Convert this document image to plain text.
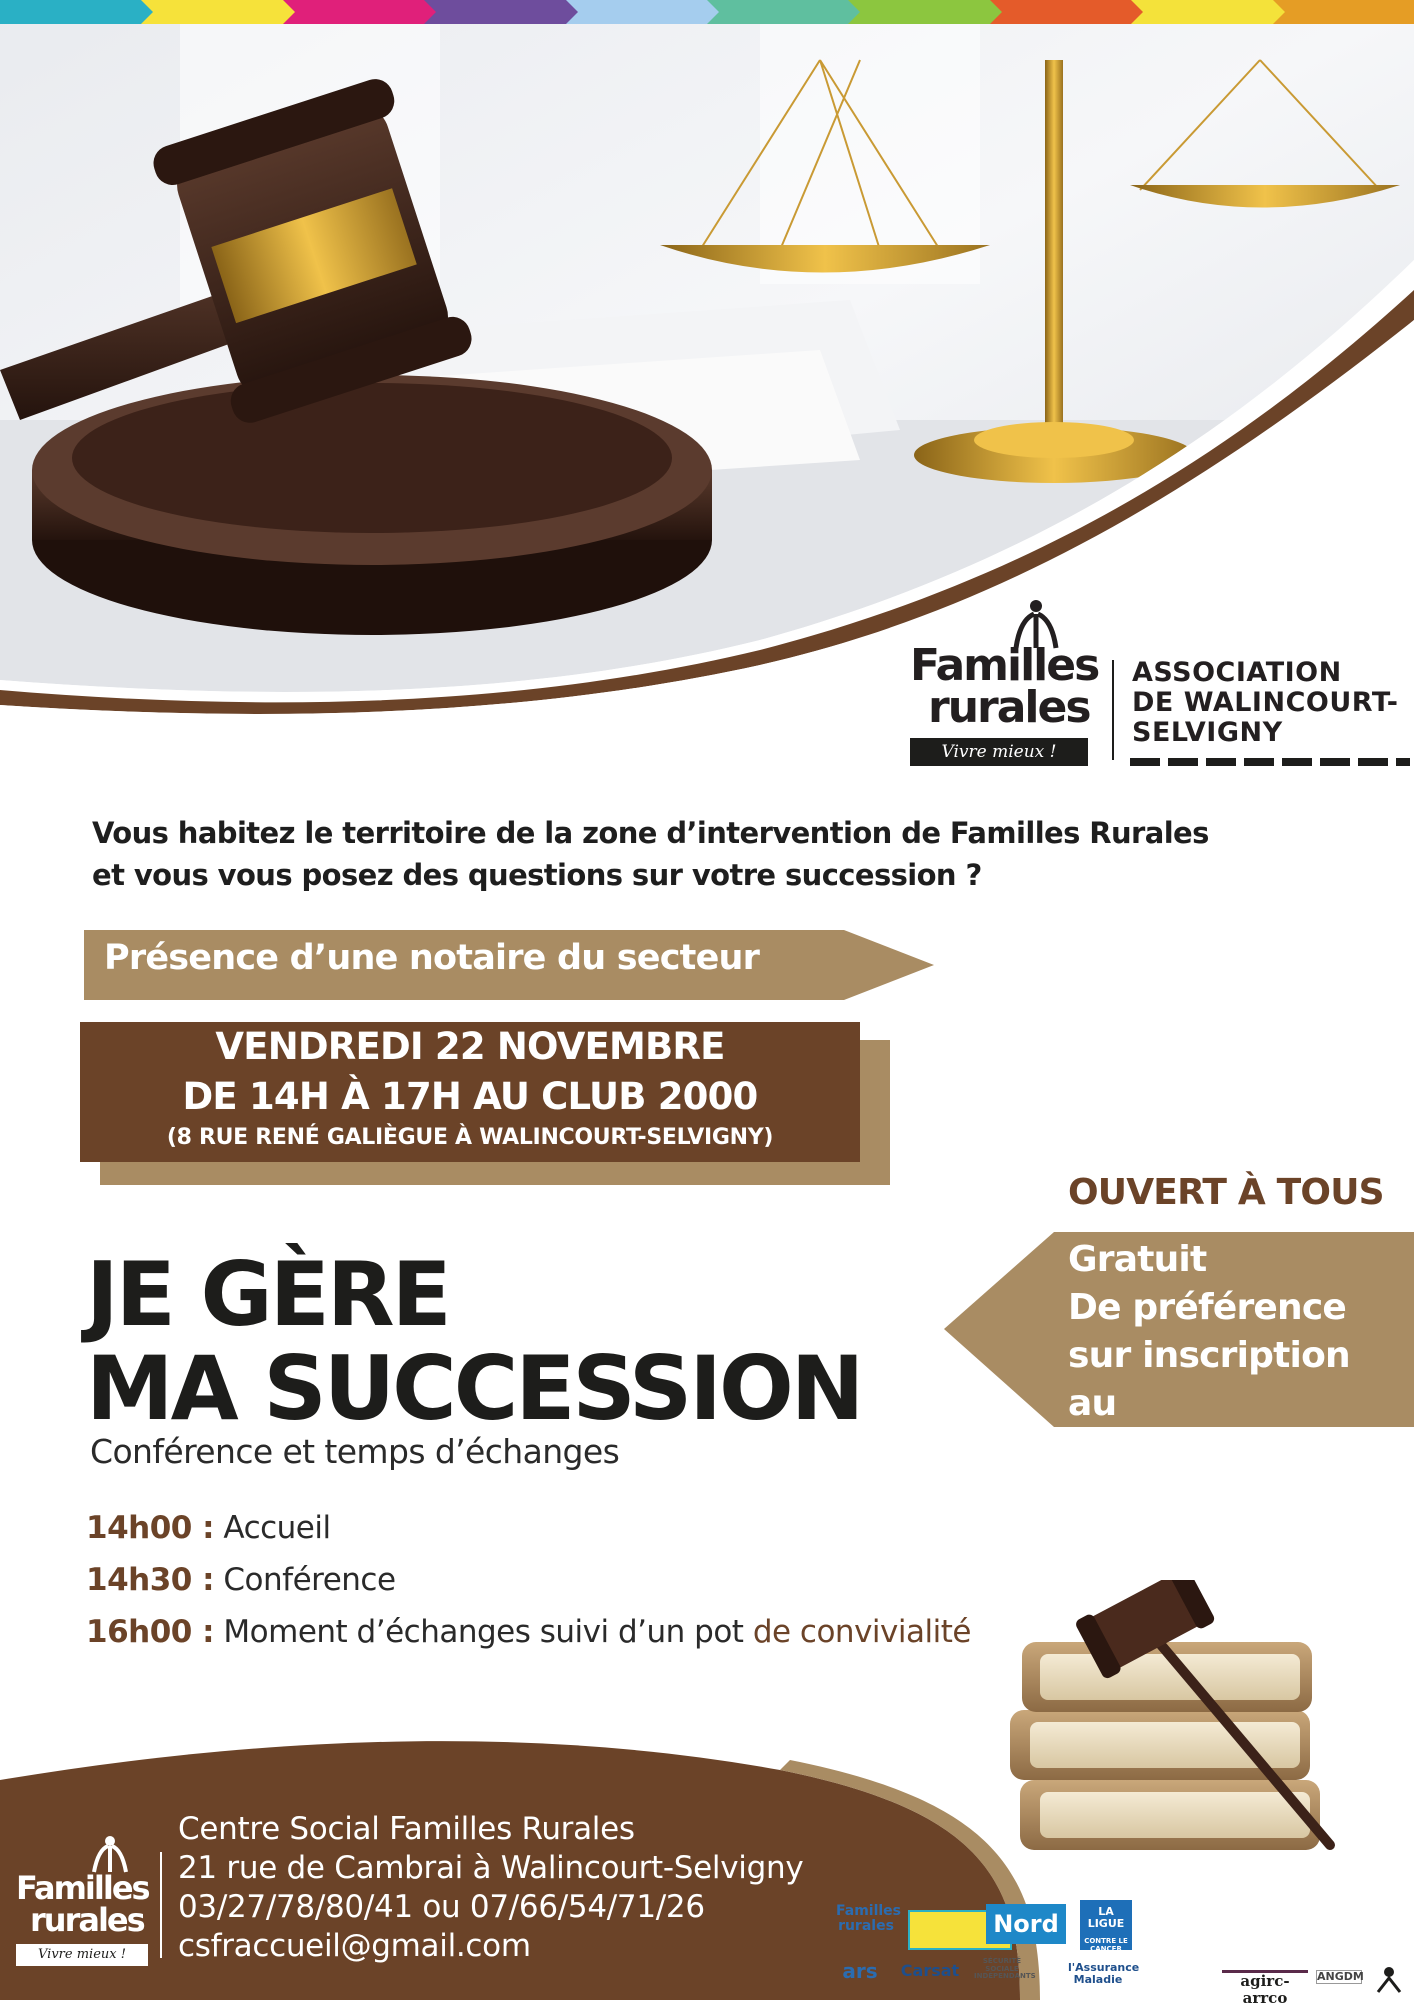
Familles
rurales
Vivre mieux !
ASSOCIATION
DE WALINCOURT-
SELVIGNY
Vous habitez le territoire de la zone d’intervention de Familles Rurales
et vous vous posez des questions sur votre succession ?
Présence d’une notaire du secteur
VENDREDI 22 NOVEMBRE
DE 14H À 17H AU CLUB 2000
(8 RUE RENÉ GALIÈGUE À WALINCOURT-SELVIGNY)
OUVERT À TOUS
Gratuit
De préférence
sur inscription
au 03.27.78.80.41
JE GÈRE
MA SUCCESSION
Conférence et temps d’échanges
14h00 : Accueil
14h30 : Conférence
16h00 : Moment d’échanges suivi d’un pot de convivialité
Familles
rurales
Vivre mieux !
Centre Social Familles Rurales
21 rue de Cambrai à Walincourt-Selvigny
03/27/78/80/41 ou 07/66/54/71/26
csfraccueil@gmail.com
Familles
rurales	Nord	LA LIGUE
CONTRE LE CANCER
ars Carsat	SÉCURITÉ SOCIALE INDÉPENDANTS
l'Assurance Maladie	agirc-arrco
ANGDM
